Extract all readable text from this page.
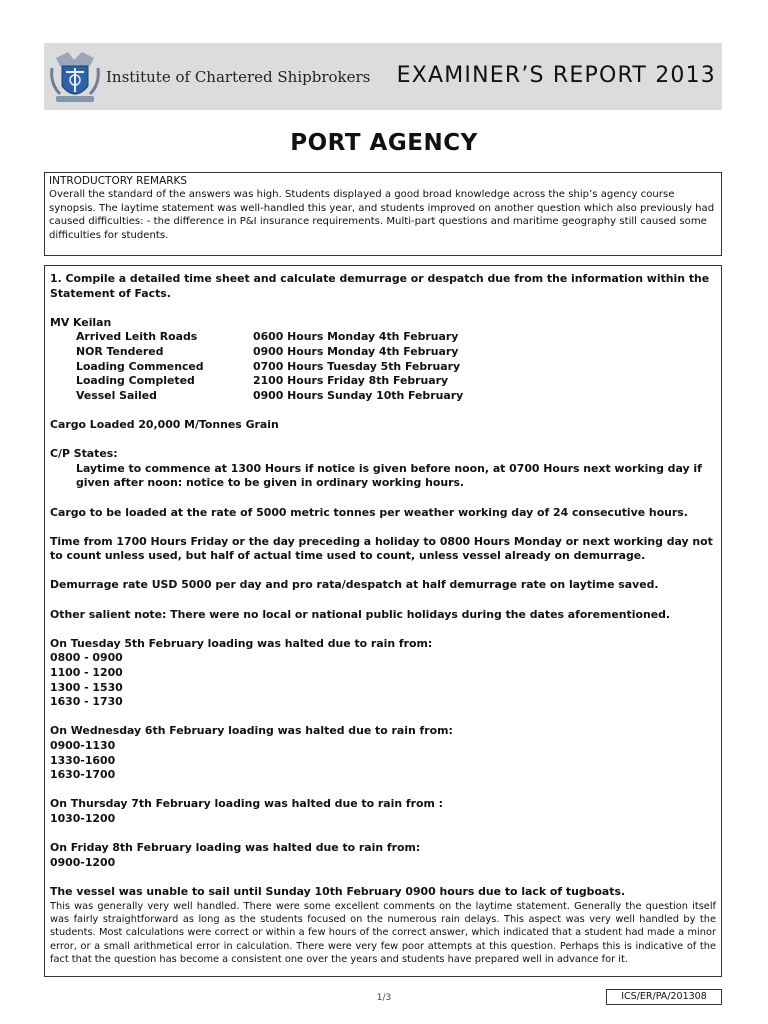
Institute of Chartered Shipbrokers EXAMINER’S REPORT 2013
PORT AGENCY
INTRODUCTORY REMARKS
Overall the standard of the answers was high. Students displayed a good broad knowledge across the ship’s agency course synopsis. The laytime statement was well-handled this year, and students improved on another question which also previously had caused difficulties: - the difference in P&I insurance requirements. Multi-part questions and maritime geography still caused some difficulties for students.

1. Compile a detailed time sheet and calculate demurrage or despatch due from the information within the Statement of Facts.

MV Keilan

Arrived Leith Roads	0600 Hours Monday 4th February
NOR Tendered	0900 Hours Monday 4th February
Loading Commenced	0700 Hours Tuesday 5th February
Loading Completed	2100 Hours Friday 8th February
Vessel Sailed	0900 Hours Sunday 10th February

Cargo Loaded 20,000 M/Tonnes Grain

C/P States:

Laytime to commence at 1300 Hours if notice is given before noon, at 0700 Hours next working day if given after noon: notice to be given in ordinary working hours.

Cargo to be loaded at the rate of 5000 metric tonnes per weather working day of 24 consecutive hours.

Time from 1700 Hours Friday or the day preceding a holiday to 0800 Hours Monday or next working day not to count unless used, but half of actual time used to count, unless vessel already on demurrage.

Demurrage rate USD 5000 per day and pro rata/despatch at half demurrage rate on laytime saved.

Other salient note: There were no local or national public holidays during the dates aforementioned.

On Tuesday 5th February loading was halted due to rain from:

0800 - 0900

1100 - 1200

1300 - 1530

1630 - 1730

On Wednesday 6th February loading was halted due to rain from:

0900-1130

1330-1600

1630-1700

On Thursday 7th February loading was halted due to rain from :

1030-1200

On Friday 8th February loading was halted due to rain from:

0900-1200

The vessel was unable to sail until Sunday 10th February 0900 hours due to lack of tugboats.

This was generally very well handled. There were some excellent comments on the laytime statement. Generally the question itself was fairly straightforward as long as the students focused on the numerous rain delays. This aspect was very well handled by the students. Most calculations were correct or within a few hours of the correct answer, which indicated that a student had made a minor error, or a small arithmetical error in calculation. There were very few poor attempts at this question. Perhaps this is indicative of the fact that the question has become a consistent one over the years and students have prepared well in advance for it.

1/3	ICS/ER/PA/201308
